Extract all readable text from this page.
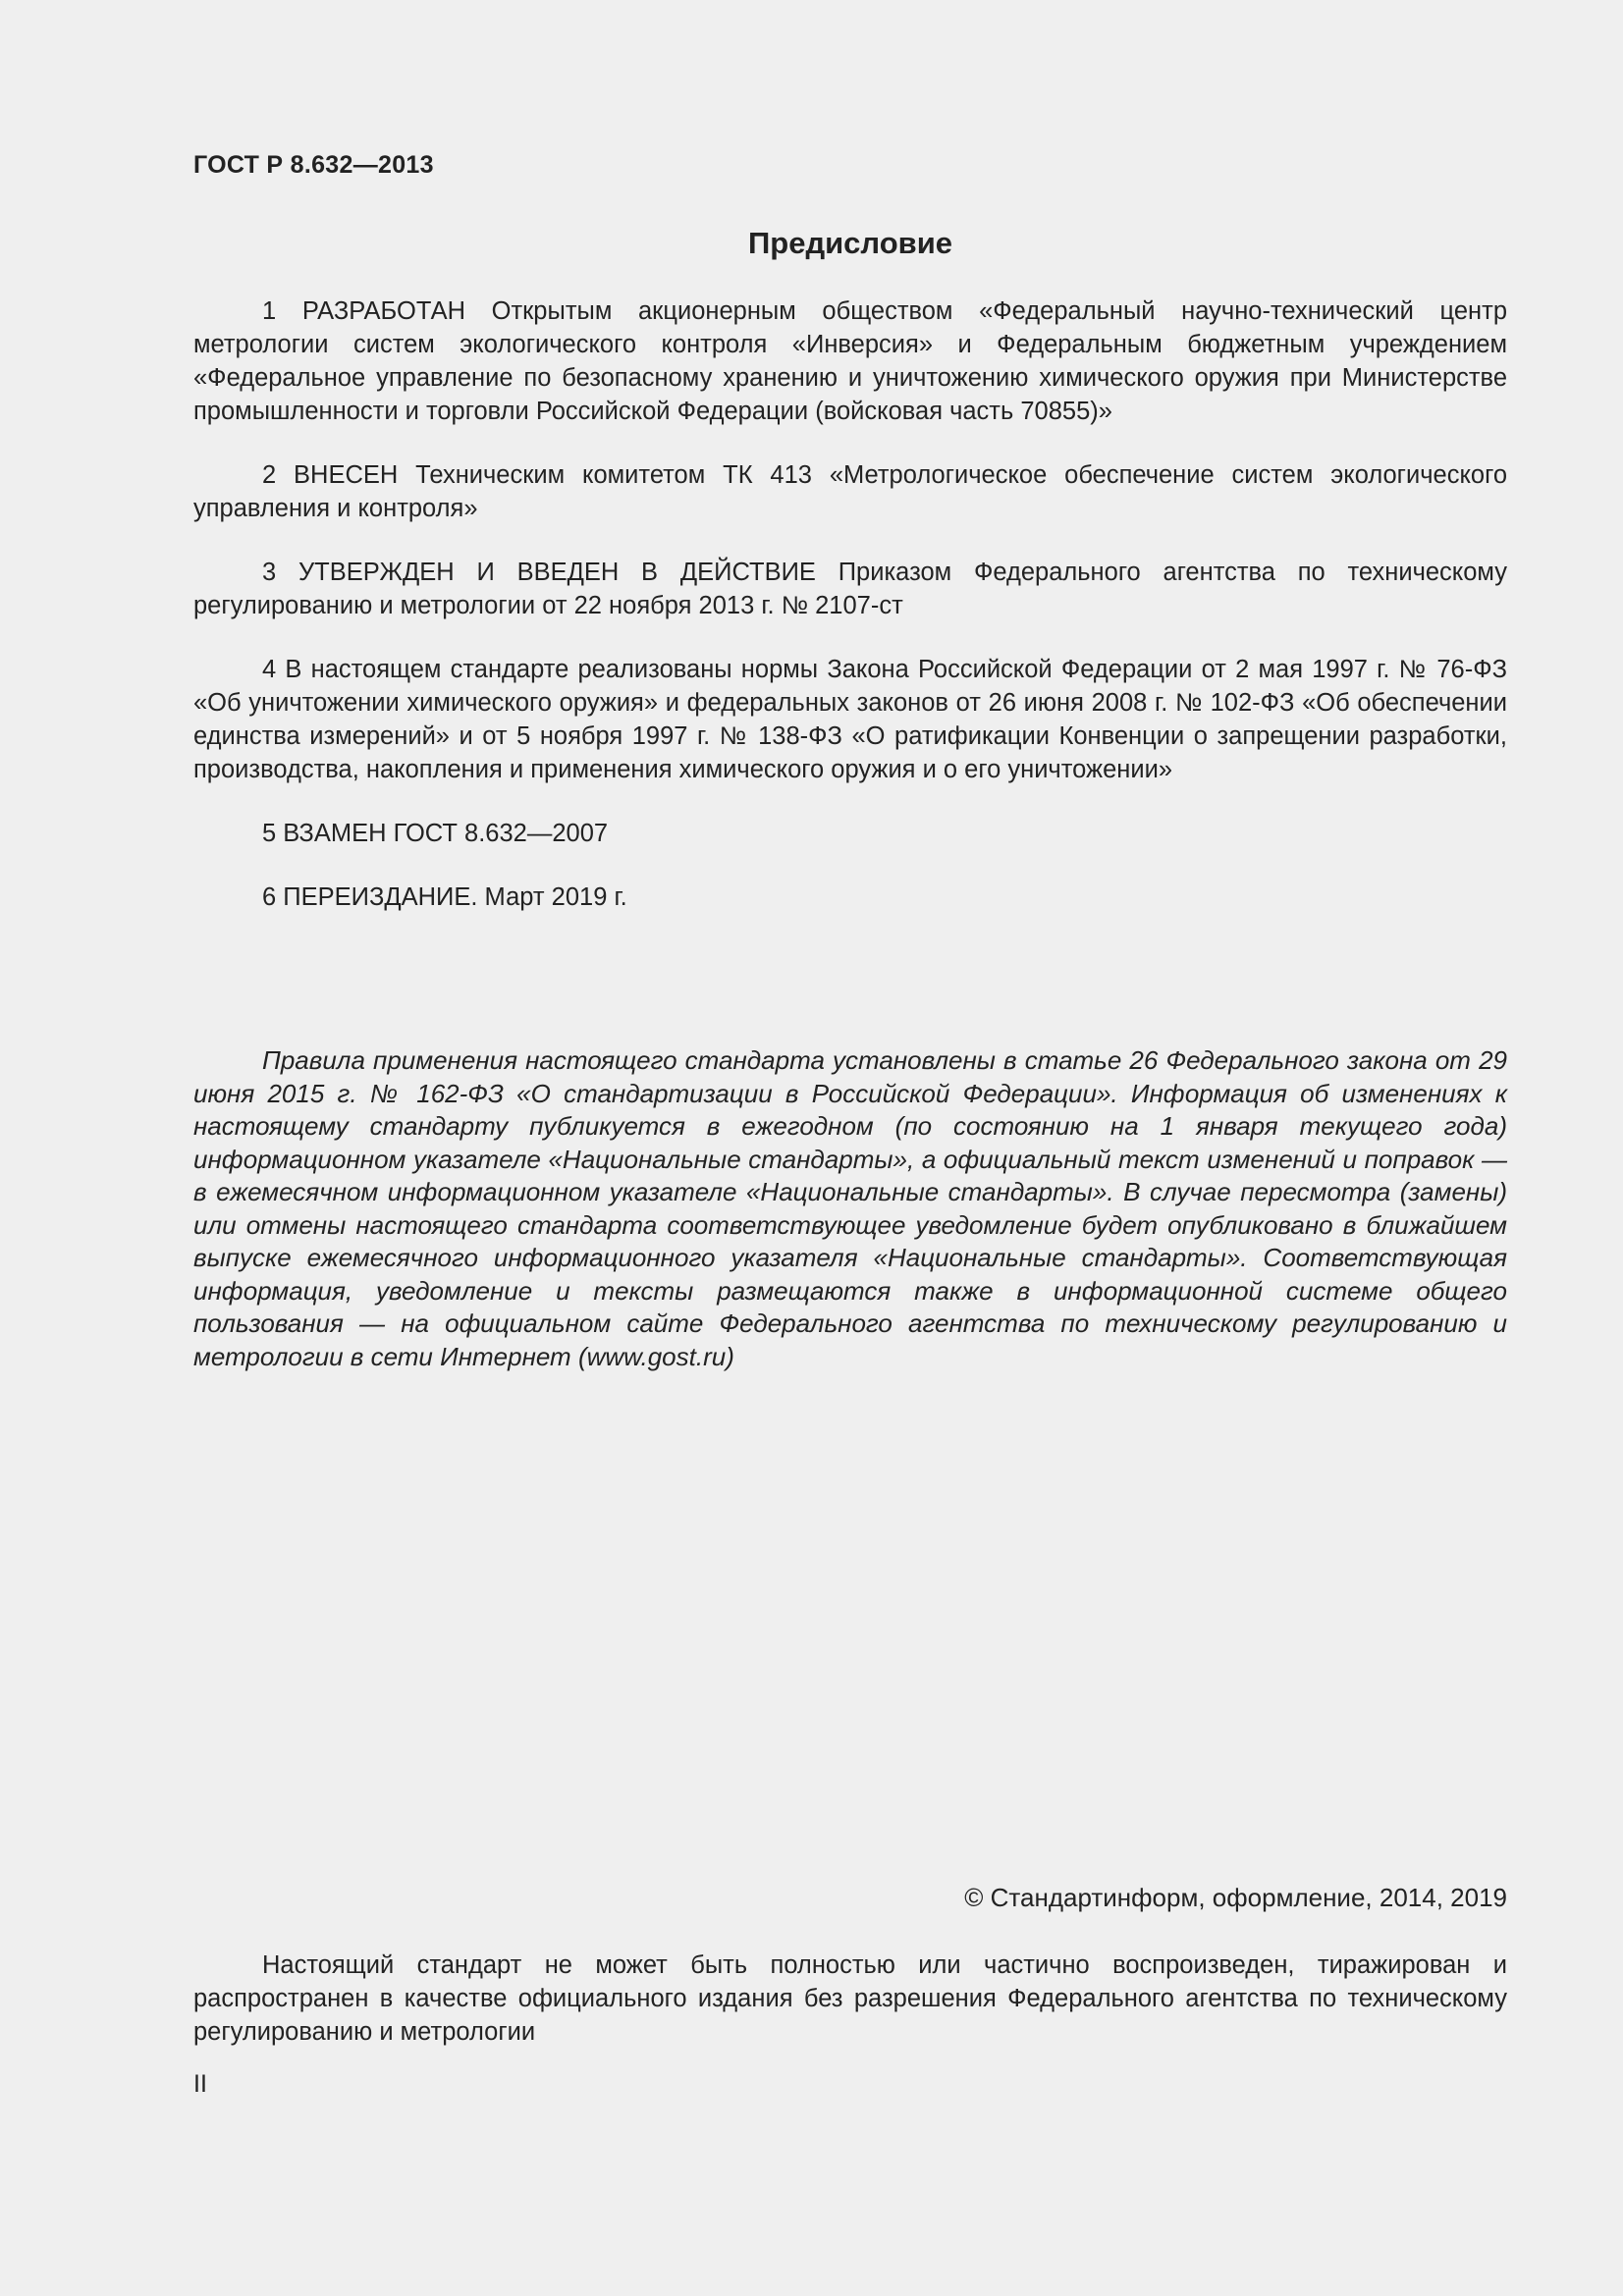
ГОСТ Р 8.632—2013
Предисловие

1 РАЗРАБОТАН Открытым акционерным обществом «Федеральный научно-технический центр метрологии систем экологического контроля «Инверсия» и Федеральным бюджетным учреждением «Федеральное управление по безопасному хранению и уничтожению химического оружия при Министерстве промышленности и торговли Российской Федерации (войсковая часть 70855)»

2 ВНЕСЕН Техническим комитетом ТК 413 «Метрологическое обеспечение систем экологического управления и контроля»

3 УТВЕРЖДЕН И ВВЕДЕН В ДЕЙСТВИЕ Приказом Федерального агентства по техническому регулированию и метрологии от 22 ноября 2013 г. № 2107-ст

4 В настоящем стандарте реализованы нормы Закона Российской Федерации от 2 мая 1997 г. № 76-ФЗ «Об уничтожении химического оружия» и федеральных законов от 26 июня 2008 г. № 102-ФЗ «Об обеспечении единства измерений» и от 5 ноября 1997 г. № 138-ФЗ «О ратификации Конвенции о запрещении разработки, производства, накопления и применения химического оружия и о его уничтожении»

5 ВЗАМЕН ГОСТ 8.632—2007

6 ПЕРЕИЗДАНИЕ. Март 2019 г.

Правила применения настоящего стандарта установлены в статье 26 Федерального закона от 29 июня 2015 г. № 162-ФЗ «О стандартизации в Российской Федерации». Информация об изменениях к настоящему стандарту публикуется в ежегодном (по состоянию на 1 января текущего года) информационном указателе «Национальные стандарты», а официальный текст изменений и поправок — в ежемесячном информационном указателе «Национальные стандарты». В случае пересмотра (замены) или отмены настоящего стандарта соответствующее уведомление будет опубликовано в ближайшем выпуске ежемесячного информационного указателя «Национальные стандарты». Соответствующая информация, уведомление и тексты размещаются также в информационной системе общего пользования — на официальном сайте Федерального агентства по техническому регулированию и метрологии в сети Интернет (www.gost.ru)

© Стандартинформ, оформление, 2014, 2019

Настоящий стандарт не может быть полностью или частично воспроизведен, тиражирован и распространен в качестве официального издания без разрешения Федерального агентства по техническому регулированию и метрологии

II
